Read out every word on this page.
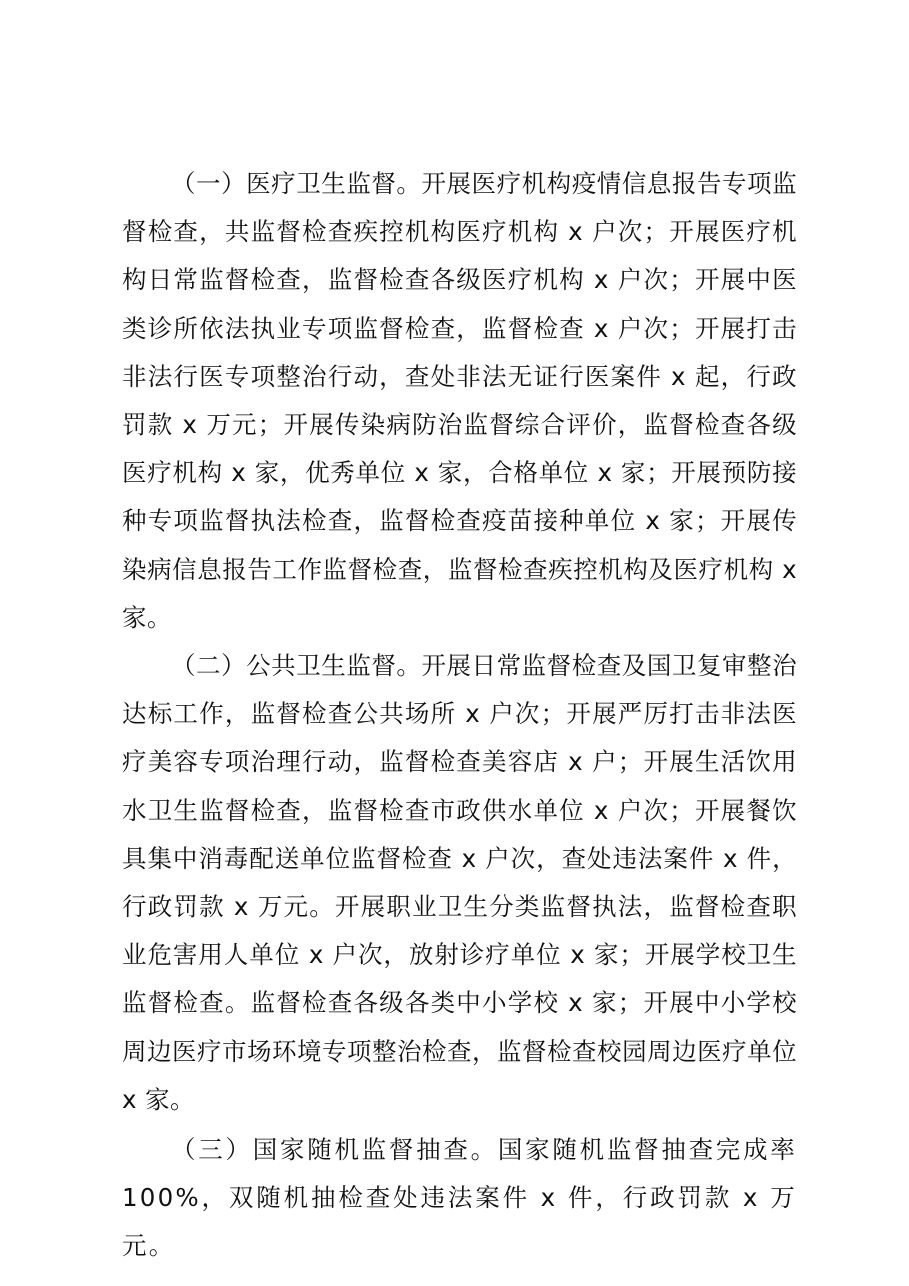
（一）医疗卫生监督。开展医疗机构疫情信息报告专项监督检查，共监督检查疾控机构医疗机构 x 户次；开展医疗机构日常监督检查，监督检查各级医疗机构 x 户次；开展中医类诊所依法执业专项监督检查，监督检查 x 户次；开展打击非法行医专项整治行动，查处非法无证行医案件 x 起，行政罚款 x 万元；开展传染病防治监督综合评价，监督检查各级医疗机构 x 家，优秀单位 x 家，合格单位 x 家；开展预防接种专项监督执法检查，监督检查疫苗接种单位 x 家；开展传染病信息报告工作监督检查，监督检查疾控机构及医疗机构 x 家。

（二）公共卫生监督。开展日常监督检查及国卫复审整治达标工作，监督检查公共场所 x 户次；开展严厉打击非法医疗美容专项治理行动，监督检查美容店 x 户；开展生活饮用水卫生监督检查，监督检查市政供水单位 x 户次；开展餐饮具集中消毒配送单位监督检查 x 户次，查处违法案件 x 件，行政罚款 x 万元。开展职业卫生分类监督执法，监督检查职业危害用人单位 x 户次，放射诊疗单位 x 家；开展学校卫生监督检查。监督检查各级各类中小学校 x 家；开展中小学校周边医疗市场环境专项整治检查，监督检查校园周边医疗单位 x 家。

（三）国家随机监督抽查。国家随机监督抽查完成率100%，双随机抽检查处违法案件 x 件，行政罚款 x 万元。
